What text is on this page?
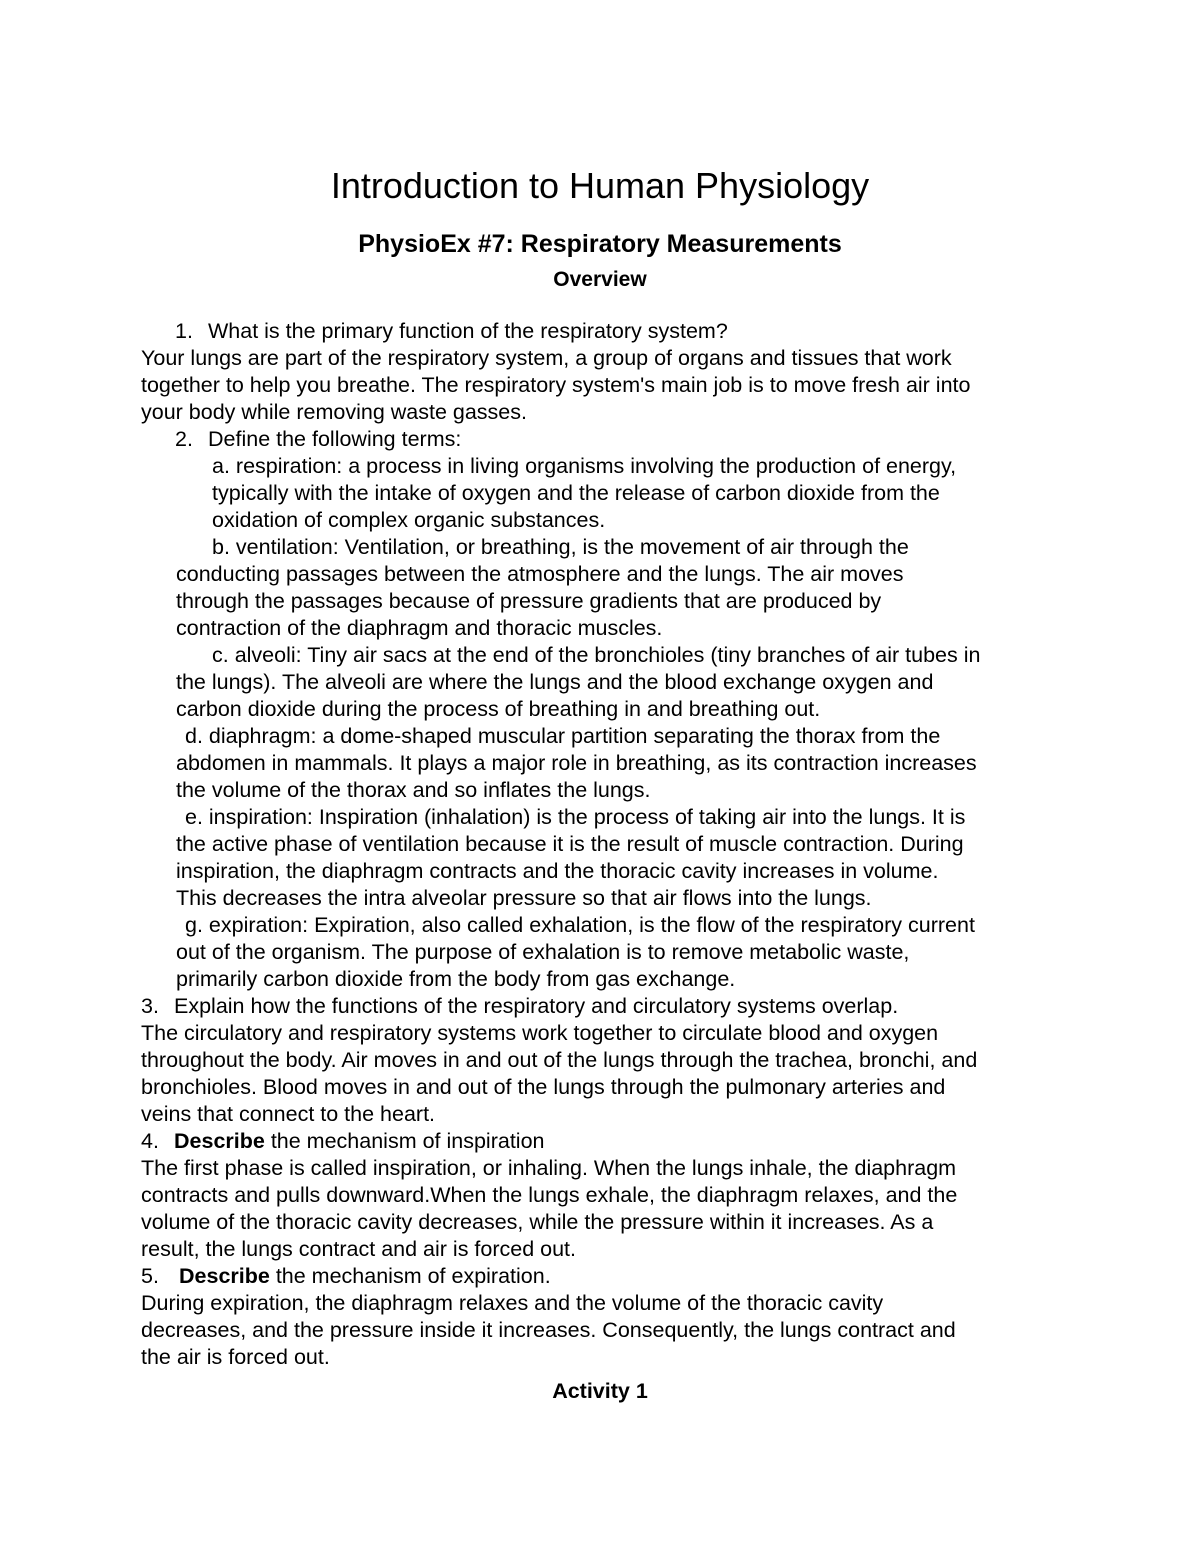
Introduction to Human Physiology
PhysioEx #7: Respiratory Measurements
Overview
1. What is the primary function of the respiratory system?
Your lungs are part of the respiratory system, a group of organs and tissues that work
together to help you breathe. The respiratory system's main job is to move fresh air into
your body while removing waste gasses.
2. Define the following terms:
a. respiration: a process in living organisms involving the production of energy,
typically with the intake of oxygen and the release of carbon dioxide from the
oxidation of complex organic substances.
b. ventilation: Ventilation, or breathing, is the movement of air through the
conducting passages between the atmosphere and the lungs. The air moves
through the passages because of pressure gradients that are produced by
contraction of the diaphragm and thoracic muscles.
c. alveoli: Tiny air sacs at the end of the bronchioles (tiny branches of air tubes in
the lungs). The alveoli are where the lungs and the blood exchange oxygen and
carbon dioxide during the process of breathing in and breathing out.
d. diaphragm: a dome-shaped muscular partition separating the thorax from the
abdomen in mammals. It plays a major role in breathing, as its contraction increases
the volume of the thorax and so inflates the lungs.
e. inspiration: Inspiration (inhalation) is the process of taking air into the lungs. It is
the active phase of ventilation because it is the result of muscle contraction. During
inspiration, the diaphragm contracts and the thoracic cavity increases in volume.
This decreases the intra alveolar pressure so that air flows into the lungs.
g. expiration: Expiration, also called exhalation, is the flow of the respiratory current
out of the organism. The purpose of exhalation is to remove metabolic waste,
primarily carbon dioxide from the body from gas exchange.
3. Explain how the functions of the respiratory and circulatory systems overlap.
The circulatory and respiratory systems work together to circulate blood and oxygen
throughout the body. Air moves in and out of the lungs through the trachea, bronchi, and
bronchioles. Blood moves in and out of the lungs through the pulmonary arteries and
veins that connect to the heart.
4. Describe the mechanism of inspiration
The first phase is called inspiration, or inhaling. When the lungs inhale, the diaphragm
contracts and pulls downward.When the lungs exhale, the diaphragm relaxes, and the
volume of the thoracic cavity decreases, while the pressure within it increases. As a
result, the lungs contract and air is forced out.
5. Describe the mechanism of expiration.
During expiration, the diaphragm relaxes and the volume of the thoracic cavity
decreases, and the pressure inside it increases. Consequently, the lungs contract and
the air is forced out.
Activity 1
